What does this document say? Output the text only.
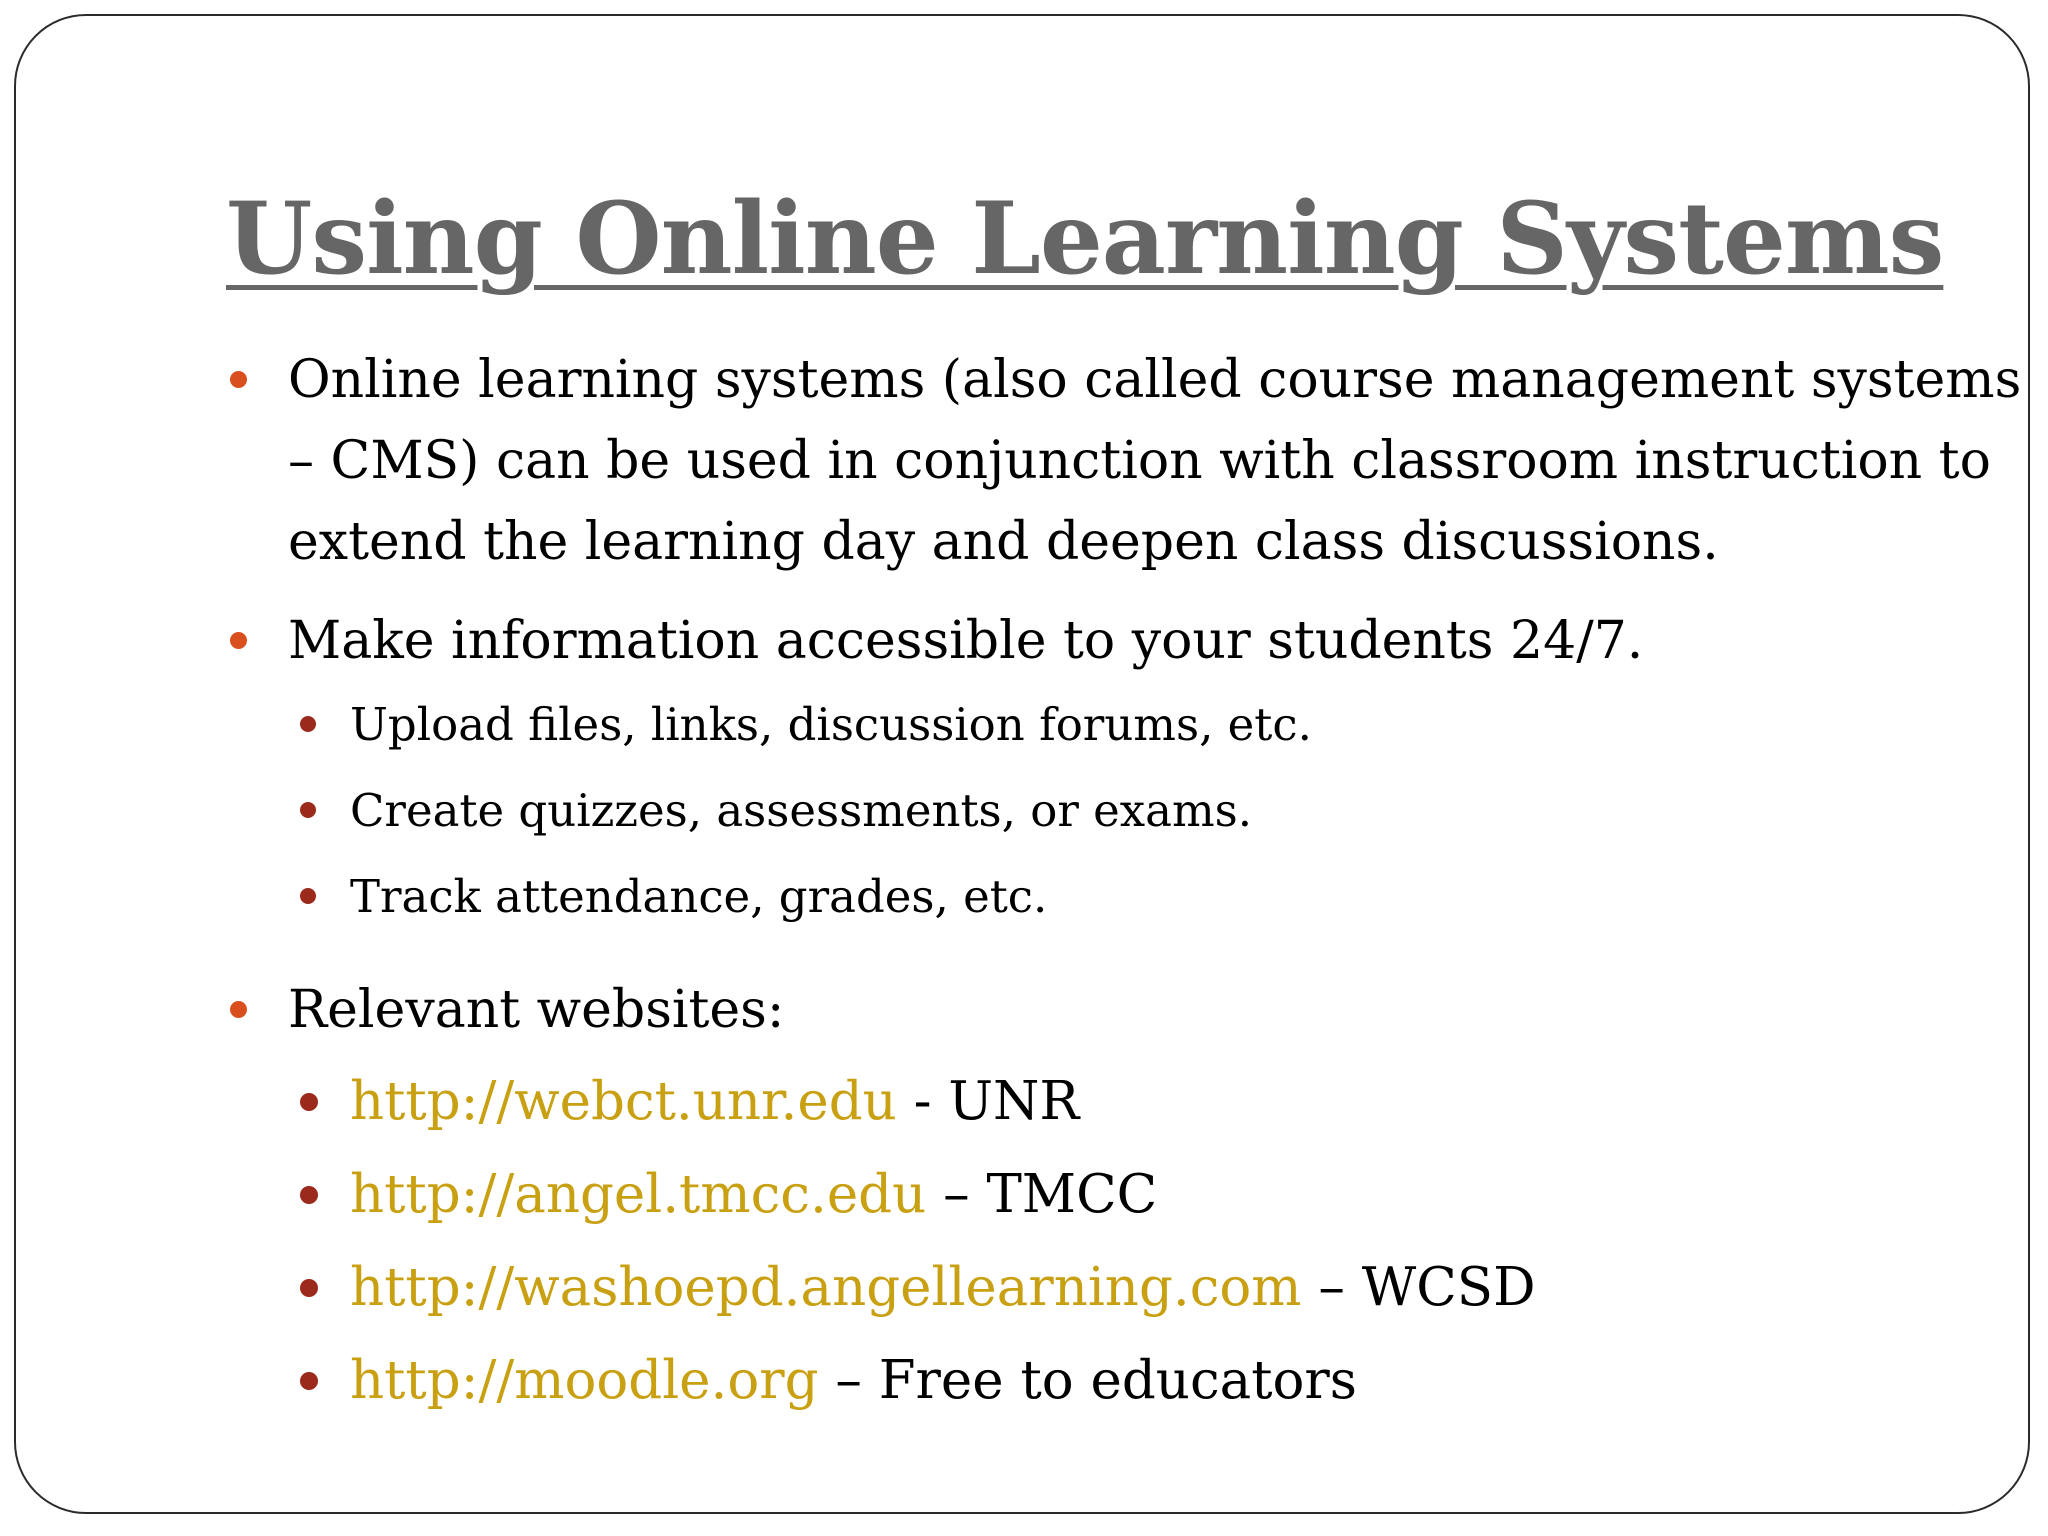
Using Online Learning Systems
Online learning systems (also called course management systems
– CMS) can be used in conjunction with classroom instruction to
extend the learning day and deepen class discussions.
Make information accessible to your students 24/7.
Upload files, links, discussion forums, etc.
Create quizzes, assessments, or exams.
Track attendance, grades, etc.
Relevant websites:
http://webct.unr.edu - UNR
http://angel.tmcc.edu – TMCC
http://washoepd.angellearning.com – WCSD
http://moodle.org – Free to educators
